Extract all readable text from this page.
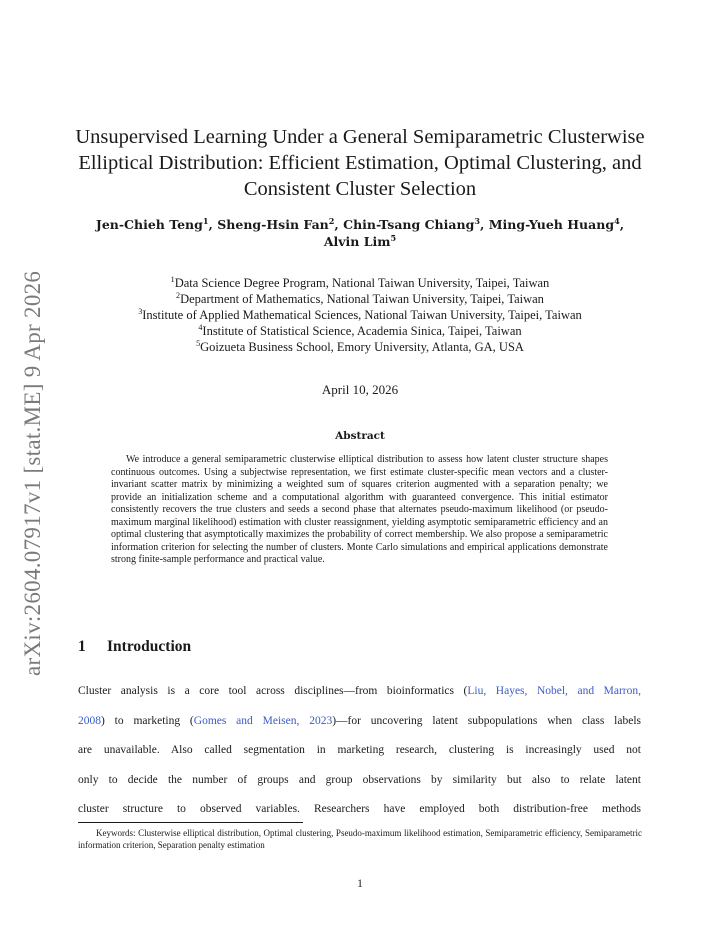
arXiv:2604.07917v1 [stat.ME] 9 Apr 2026
Unsupervised Learning Under a General Semiparametric Clusterwise
Elliptical Distribution: Efficient Estimation, Optimal Clustering, and
Consistent Cluster Selection
Jen-Chieh Teng$^1$, Sheng-Hsin Fan$^2$, Chin-Tsang Chiang$^3$, Ming-Yueh Huang$^4$,
Alvin Lim$^5$
$^1$Data Science Degree Program, National Taiwan University, Taipei, Taiwan
$^2$Department of Mathematics, National Taiwan University, Taipei, Taiwan
$^3$Institute of Applied Mathematical Sciences, National Taiwan University, Taipei, Taiwan
$^4$Institute of Statistical Science, Academia Sinica, Taipei, Taiwan
$^5$Goizueta Business School, Emory University, Atlanta, GA, USA
April 10, 2026
Abstract
We introduce a general semiparametric clusterwise elliptical distribution to assess how latent cluster structure shapes continuous outcomes. Using a subjectwise representation, we first estimate cluster-specific mean vectors and a cluster-invariant scatter matrix by minimizing a weighted sum of squares criterion augmented with a separation penalty; we provide an initialization scheme and a computational algorithm with guaranteed convergence. This initial estimator consistently recovers the true clusters and seeds a second phase that alternates pseudo-maximum likelihood (or pseudo-maximum marginal likelihood) estimation with cluster reassignment, yielding asymptotic semiparametric efficiency and an optimal clustering that asymptotically maximizes the probability of correct membership. We also propose a semiparametric information criterion for selecting the number of clusters. Monte Carlo simulations and empirical applications demonstrate strong finite-sample performance and practical value.
1 Introduction
Cluster analysis is a core tool across disciplines—from bioinformatics (Liu, Hayes, Nobel, and Marron,
2008) to marketing (Gomes and Meisen, 2023)—for uncovering latent subpopulations when class labels
are unavailable. Also called segmentation in marketing research, clustering is increasingly used not
only to decide the number of groups and group observations by similarity but also to relate latent
cluster structure to observed variables. Researchers have employed both distribution-free methods
Keywords: Clusterwise elliptical distribution, Optimal clustering, Pseudo-maximum likelihood estimation, Semiparametric efficiency, Semiparametric information criterion, Separation penalty estimation
1
